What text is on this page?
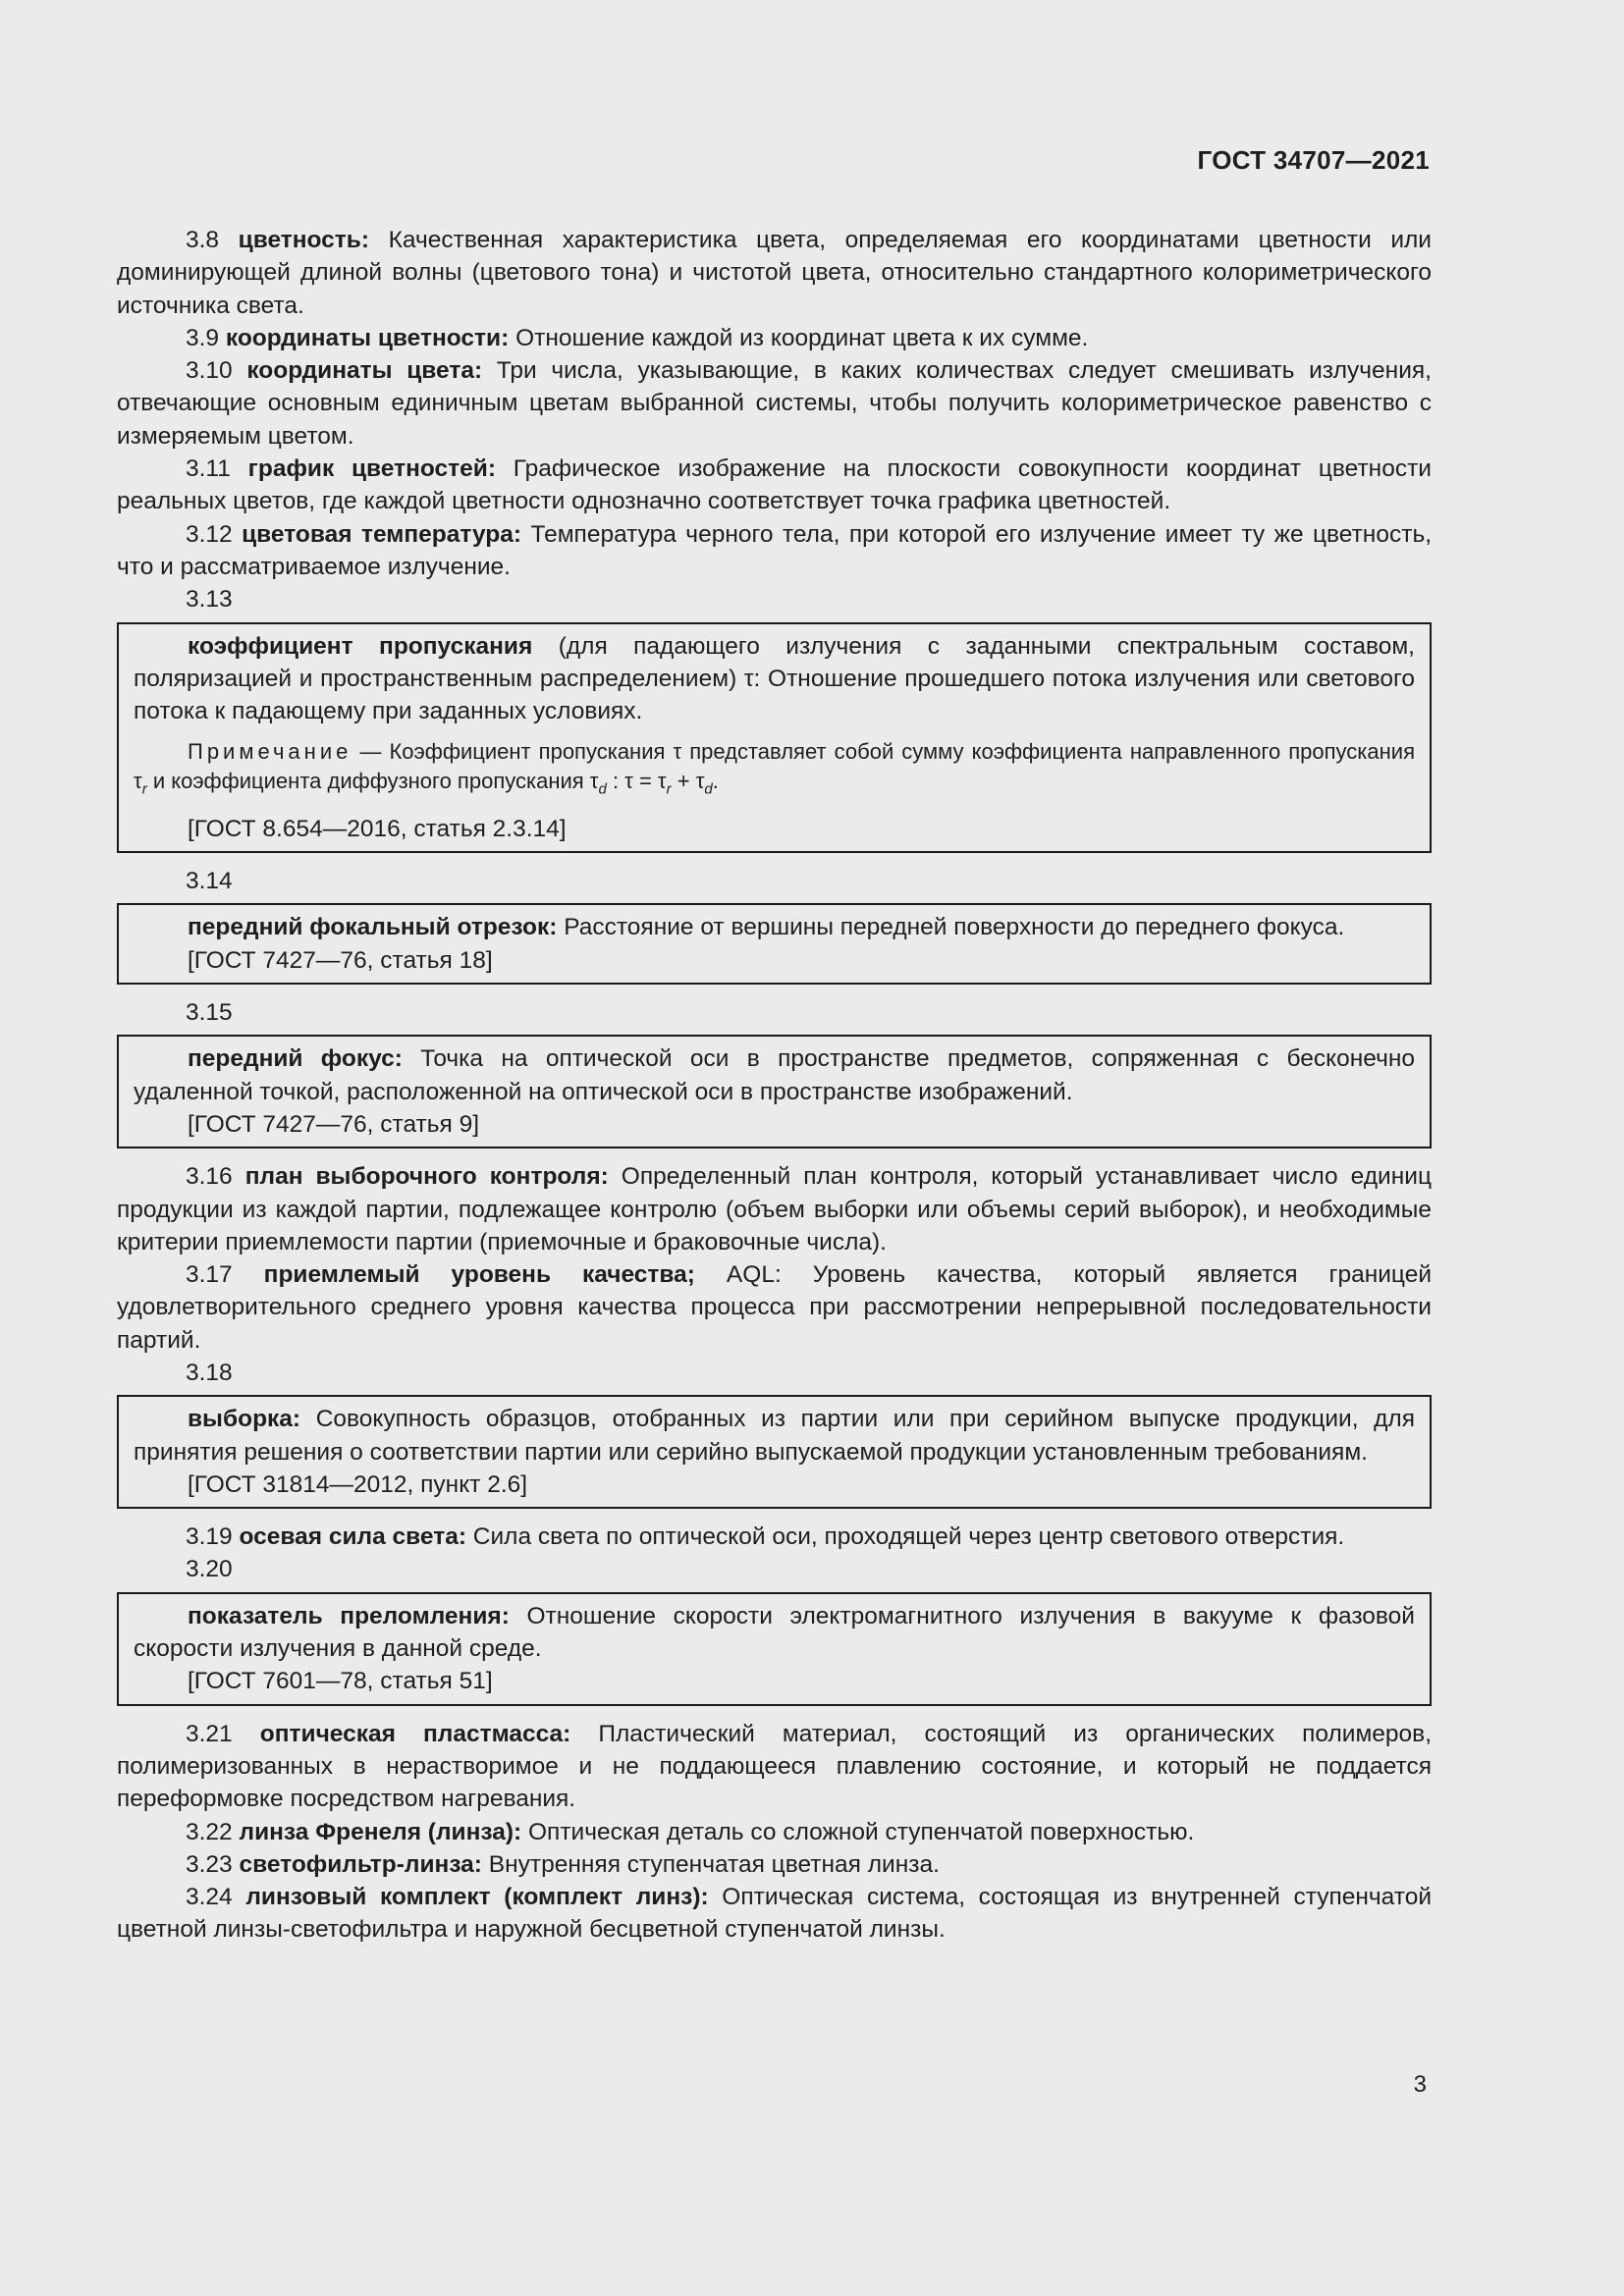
ГОСТ 34707—2021

3.8 цветность: Качественная характеристика цвета, определяемая его координатами цветности или доминирующей длиной волны (цветового тона) и чистотой цвета, относительно стандартного колориметрического источника света.

3.9 координаты цветности: Отношение каждой из координат цвета к их сумме.

3.10 координаты цвета: Три числа, указывающие, в каких количествах следует смешивать излучения, отвечающие основным единичным цветам выбранной системы, чтобы получить колориметрическое равенство с измеряемым цветом.

3.11 график цветностей: Графическое изображение на плоскости совокупности координат цветности реальных цветов, где каждой цветности однозначно соответствует точка графика цветностей.

3.12 цветовая температура: Температура черного тела, при которой его излучение имеет ту же цветность, что и рассматриваемое излучение.

3.13

коэффициент пропускания (для падающего излучения с заданными спектральным составом, поляризацией и пространственным распределением) τ: Отношение прошедшего потока излучения или светового потока к падающему при заданных условиях.

Примечание — Коэффициент пропускания τ представляет собой сумму коэффициента направленного пропускания $\tau_r$ и коэффициента диффузного пропускания $\tau_d$ : $\tau = \tau_r + \tau_d$.

[ГОСТ 8.654—2016, статья 2.3.14]

3.14

передний фокальный отрезок: Расстояние от вершины передней поверхности до переднего фокуса.

[ГОСТ 7427—76, статья 18]

3.15

передний фокус: Точка на оптической оси в пространстве предметов, сопряженная с бесконечно удаленной точкой, расположенной на оптической оси в пространстве изображений.

[ГОСТ 7427—76, статья 9]

3.16 план выборочного контроля: Определенный план контроля, который устанавливает число единиц продукции из каждой партии, подлежащее контролю (объем выборки или объемы серий выборок), и необходимые критерии приемлемости партии (приемочные и браковочные числа).

3.17 приемлемый уровень качества; AQL: Уровень качества, который является границей удовлетворительного среднего уровня качества процесса при рассмотрении непрерывной последовательности партий.

3.18

выборка: Совокупность образцов, отобранных из партии или при серийном выпуске продукции, для принятия решения о соответствии партии или серийно выпускаемой продукции установленным требованиям.

[ГОСТ 31814—2012, пункт 2.6]

3.19 осевая сила света: Сила света по оптической оси, проходящей через центр светового отверстия.

3.20

показатель преломления: Отношение скорости электромагнитного излучения в вакууме к фазовой скорости излучения в данной среде.

[ГОСТ 7601—78, статья 51]

3.21 оптическая пластмасса: Пластический материал, состоящий из органических полимеров, полимеризованных в нерастворимое и не поддающееся плавлению состояние, и который не поддается переформовке посредством нагревания.

3.22 линза Френеля (линза): Оптическая деталь со сложной ступенчатой поверхностью.

3.23 светофильтр-линза: Внутренняя ступенчатая цветная линза.

3.24 линзовый комплект (комплект линз): Оптическая система, состоящая из внутренней ступенчатой цветной линзы-светофильтра и наружной бесцветной ступенчатой линзы.

3
